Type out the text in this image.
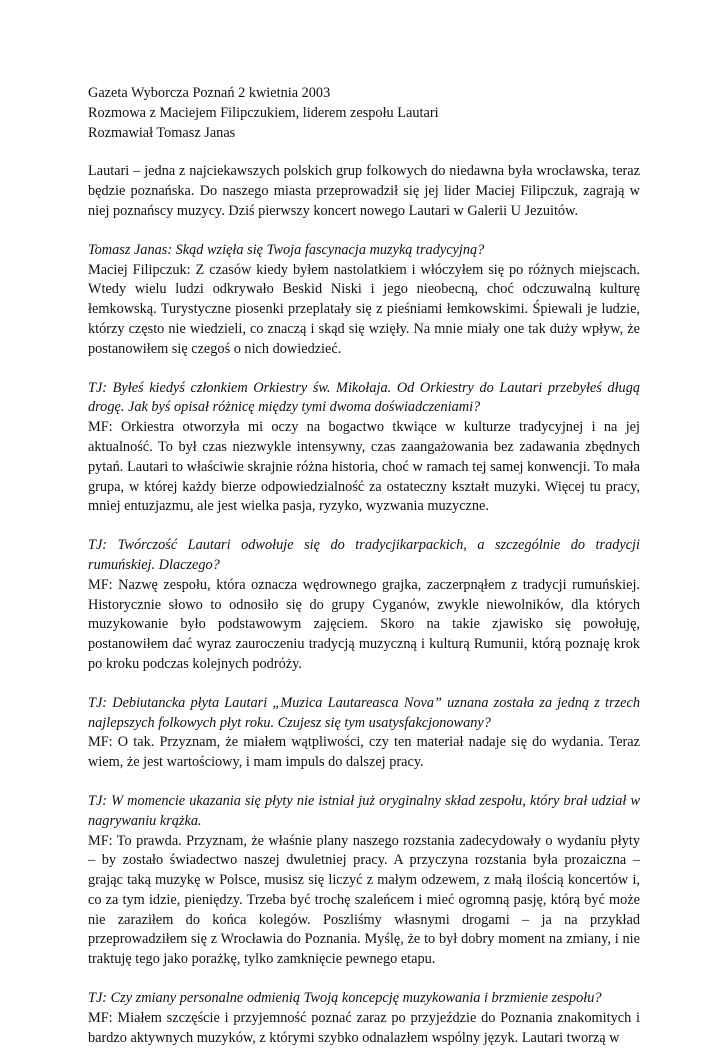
Gazeta Wyborcza Poznań 2 kwietnia 2003

Rozmowa z Maciejem Filipczukiem, liderem zespołu Lautari

Rozmawiał Tomasz Janas

Lautari – jedna z najciekawszych polskich grup folkowych do niedawna była wrocławska, teraz będzie poznańska. Do naszego miasta przeprowadził się jej lider Maciej Filipczuk, zagrają w niej poznańscy muzycy. Dziś pierwszy koncert nowego Lautari w Galerii U Jezuitów.

Tomasz Janas: Skąd wzięła się Twoja fascynacja muzyką tradycyjną?

Maciej Filipczuk: Z czasów kiedy byłem nastolatkiem i włóczyłem się po różnych miejscach. Wtedy wielu ludzi odkrywało Beskid Niski i jego nieobecną, choć odczuwalną kulturę łemkowską. Turystyczne piosenki przeplatały się z pieśniami łemkowskimi. Śpiewali je ludzie, którzy często nie wiedzieli, co znaczą i skąd się wzięły. Na mnie miały one tak duży wpływ, że postanowiłem się czegoś o nich dowiedzieć.

TJ: Byłeś kiedyś członkiem Orkiestry św. Mikołaja. Od Orkiestry do Lautari przebyłeś długą drogę. Jak byś opisał różnicę między tymi dwoma doświadczeniami?

MF: Orkiestra otworzyła mi oczy na bogactwo tkwiące w kulturze tradycyjnej i na jej aktualność. To był czas niezwykle intensywny, czas zaangażowania bez zadawania zbędnych pytań. Lautari to właściwie skrajnie różna historia, choć w ramach tej samej konwencji. To mała grupa, w której każdy bierze odpowiedzialność za ostateczny kształt muzyki. Więcej tu pracy, mniej entuzjazmu, ale jest wielka pasja, ryzyko, wyzwania muzyczne.

TJ: Twórczość Lautari odwołuje się do tradycjikarpackich, a szczególnie do tradycji rumuńskiej. Dlaczego?

MF: Nazwę zespołu, która oznacza wędrownego grajka, zaczerpnąłem z tradycji rumuńskiej. Historycznie słowo to odnosiło się do grupy Cyganów, zwykle niewolników, dla których muzykowanie było podstawowym zajęciem. Skoro na takie zjawisko się powołuję, postanowiłem dać wyraz zauroczeniu tradycją muzyczną i kulturą Rumunii, którą poznaję krok po kroku podczas kolejnych podróży.

TJ: Debiutancka płyta Lautari „Muzica Lautareasca Nova” uznana została za jedną z trzech najlepszych folkowych płyt roku. Czujesz się tym usatysfakcjonowany?

MF: O tak. Przyznam, że miałem wątpliwości, czy ten materiał nadaje się do wydania. Teraz wiem, że jest wartościowy, i mam impuls do dalszej pracy.

TJ: W momencie ukazania się płyty nie istniał już oryginalny skład zespołu, który brał udział w nagrywaniu krążka.

MF: To prawda. Przyznam, że właśnie plany naszego rozstania zadecydowały o wydaniu płyty – by zostało świadectwo naszej dwuletniej pracy. A przyczyna rozstania była prozaiczna – grając taką muzykę w Polsce, musisz się liczyć z małym odzewem, z małą ilością koncertów i, co za tym idzie, pieniędzy. Trzeba być trochę szaleńcem i mieć ogromną pasję, którą być może nie zaraziłem do końca kolegów. Poszliśmy własnymi drogami – ja na przykład przeprowadziłem się z Wrocławia do Poznania. Myślę, że to był dobry moment na zmiany, i nie traktuję tego jako porażkę, tylko zamknięcie pewnego etapu.

TJ: Czy zmiany personalne odmienią Twoją koncepcję muzykowania i brzmienie zespołu?

MF: Miałem szczęście i przyjemność poznać zaraz po przyjeździe do Poznania znakomitych i bardzo aktywnych muzyków, z którymi szybko odnalazłem wspólny język. Lautari tworzą w
